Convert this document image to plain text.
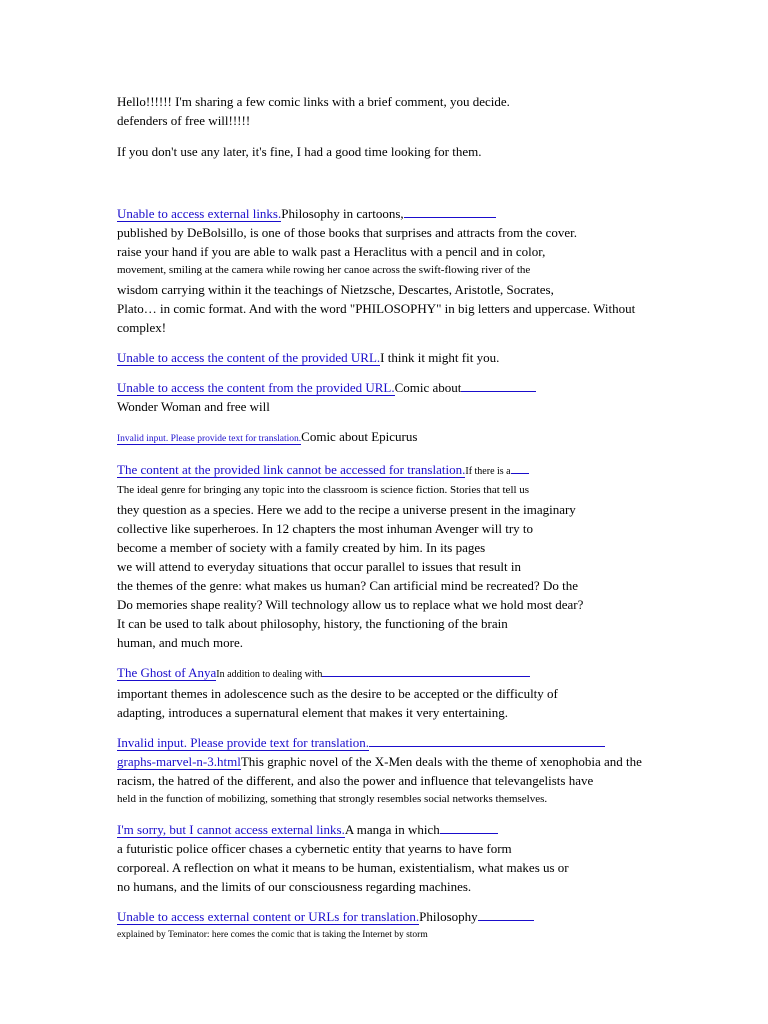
Hello!!!!!! I'm sharing a few comic links with a brief comment, you decide.
defenders of free will!!!!!
If you don't use any later, it's fine, I had a good time looking for them.
Unable to access external links.Philosophy in cartoons,
published by DeBolsillo, is one of those books that surprises and attracts from the cover.
raise your hand if you are able to walk past a Heraclitus with a pencil and in color,
movement, smiling at the camera while rowing her canoe across the swift-flowing river of the
wisdom carrying within it the teachings of Nietzsche, Descartes, Aristotle, Socrates,
Plato… in comic format. And with the word "PHILOSOPHY" in big letters and uppercase. Without
complex!
Unable to access the content of the provided URL.I think it might fit you.
Unable to access the content from the provided URL.Comic about
Wonder Woman and free will
Invalid input. Please provide text for translation.Comic about Epicurus
The content at the provided link cannot be accessed for translation.If there is a
The ideal genre for bringing any topic into the classroom is science fiction. Stories that tell us
they question as a species. Here we add to the recipe a universe present in the imaginary
collective like superheroes. In 12 chapters the most inhuman Avenger will try to
become a member of society with a family created by him. In its pages
we will attend to everyday situations that occur parallel to issues that result in
the themes of the genre: what makes us human? Can artificial mind be recreated? Do the
Do memories shape reality? Will technology allow us to replace what we hold most dear?
It can be used to talk about philosophy, history, the functioning of the brain
human, and much more.
The Ghost of AnyaIn addition to dealing with
important themes in adolescence such as the desire to be accepted or the difficulty of
adapting, introduces a supernatural element that makes it very entertaining.
Invalid input. Please provide text for translation.
graphs-marvel-n-3.htmlThis graphic novel of the X-Men deals with the theme of xenophobia and the
racism, the hatred of the different, and also the power and influence that televangelists have
held in the function of mobilizing, something that strongly resembles social networks themselves.
I'm sorry, but I cannot access external links.A manga in which
a futuristic police officer chases a cybernetic entity that yearns to have form
corporeal. A reflection on what it means to be human, existentialism, what makes us or
no humans, and the limits of our consciousness regarding machines.
Unable to access external content or URLs for translation.Philosophy
explained by Teminator: here comes the comic that is taking the Internet by storm
